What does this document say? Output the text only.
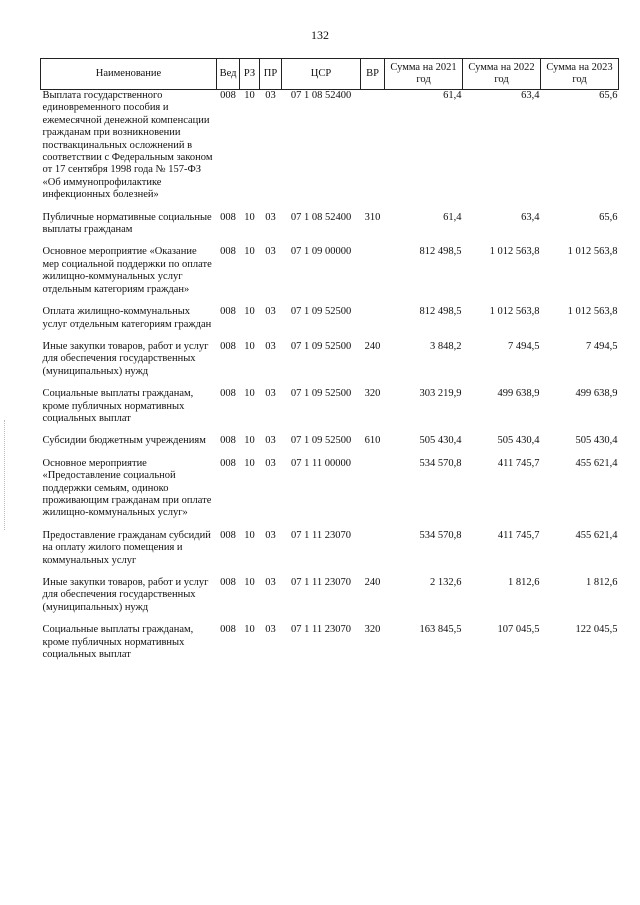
132
Наименование	Вед	РЗ	ПР	ЦСР	ВР	Сумма на 2021 год	Сумма на 2022 год	Сумма на 2023 год
Выплата государственного единовременного пособия и ежемесячной денежной компенсации гражданам при возникновении поствакцинальных осложнений в соответствии с Федеральным законом от 17 сентября 1998 года № 157-ФЗ «Об иммунопрофилактике инфекционных болезней»	008	10	03	07 1 08 52400		61,4	63,4	65,6
Публичные нормативные социальные выплаты гражданам	008	10	03	07 1 08 52400	310	61,4	63,4	65,6
Основное мероприятие «Оказание мер социальной поддержки по оплате жилищно-коммунальных услуг отдельным категориям граждан»	008	10	03	07 1 09 00000		812 498,5	1 012 563,8	1 012 563,8
Оплата жилищно-коммунальных услуг отдельным категориям граждан	008	10	03	07 1 09 52500		812 498,5	1 012 563,8	1 012 563,8
Иные закупки товаров, работ и услуг для обеспечения государственных (муниципальных) нужд	008	10	03	07 1 09 52500	240	3 848,2	7 494,5	7 494,5
Социальные выплаты гражданам, кроме публичных нормативных социальных выплат	008	10	03	07 1 09 52500	320	303 219,9	499 638,9	499 638,9
Субсидии бюджетным учреждениям	008	10	03	07 1 09 52500	610	505 430,4	505 430,4	505 430,4
Основное мероприятие «Предоставление социальной поддержки семьям, одиноко проживающим гражданам при оплате жилищно-коммунальных услуг»	008	10	03	07 1 11 00000		534 570,8	411 745,7	455 621,4
Предоставление гражданам субсидий на оплату жилого помещения и коммунальных услуг	008	10	03	07 1 11 23070		534 570,8	411 745,7	455 621,4
Иные закупки товаров, работ и услуг для обеспечения государственных (муниципальных) нужд	008	10	03	07 1 11 23070	240	2 132,6	1 812,6	1 812,6
Социальные выплаты гражданам, кроме публичных нормативных социальных выплат	008	10	03	07 1 11 23070	320	163 845,5	107 045,5	122 045,5
